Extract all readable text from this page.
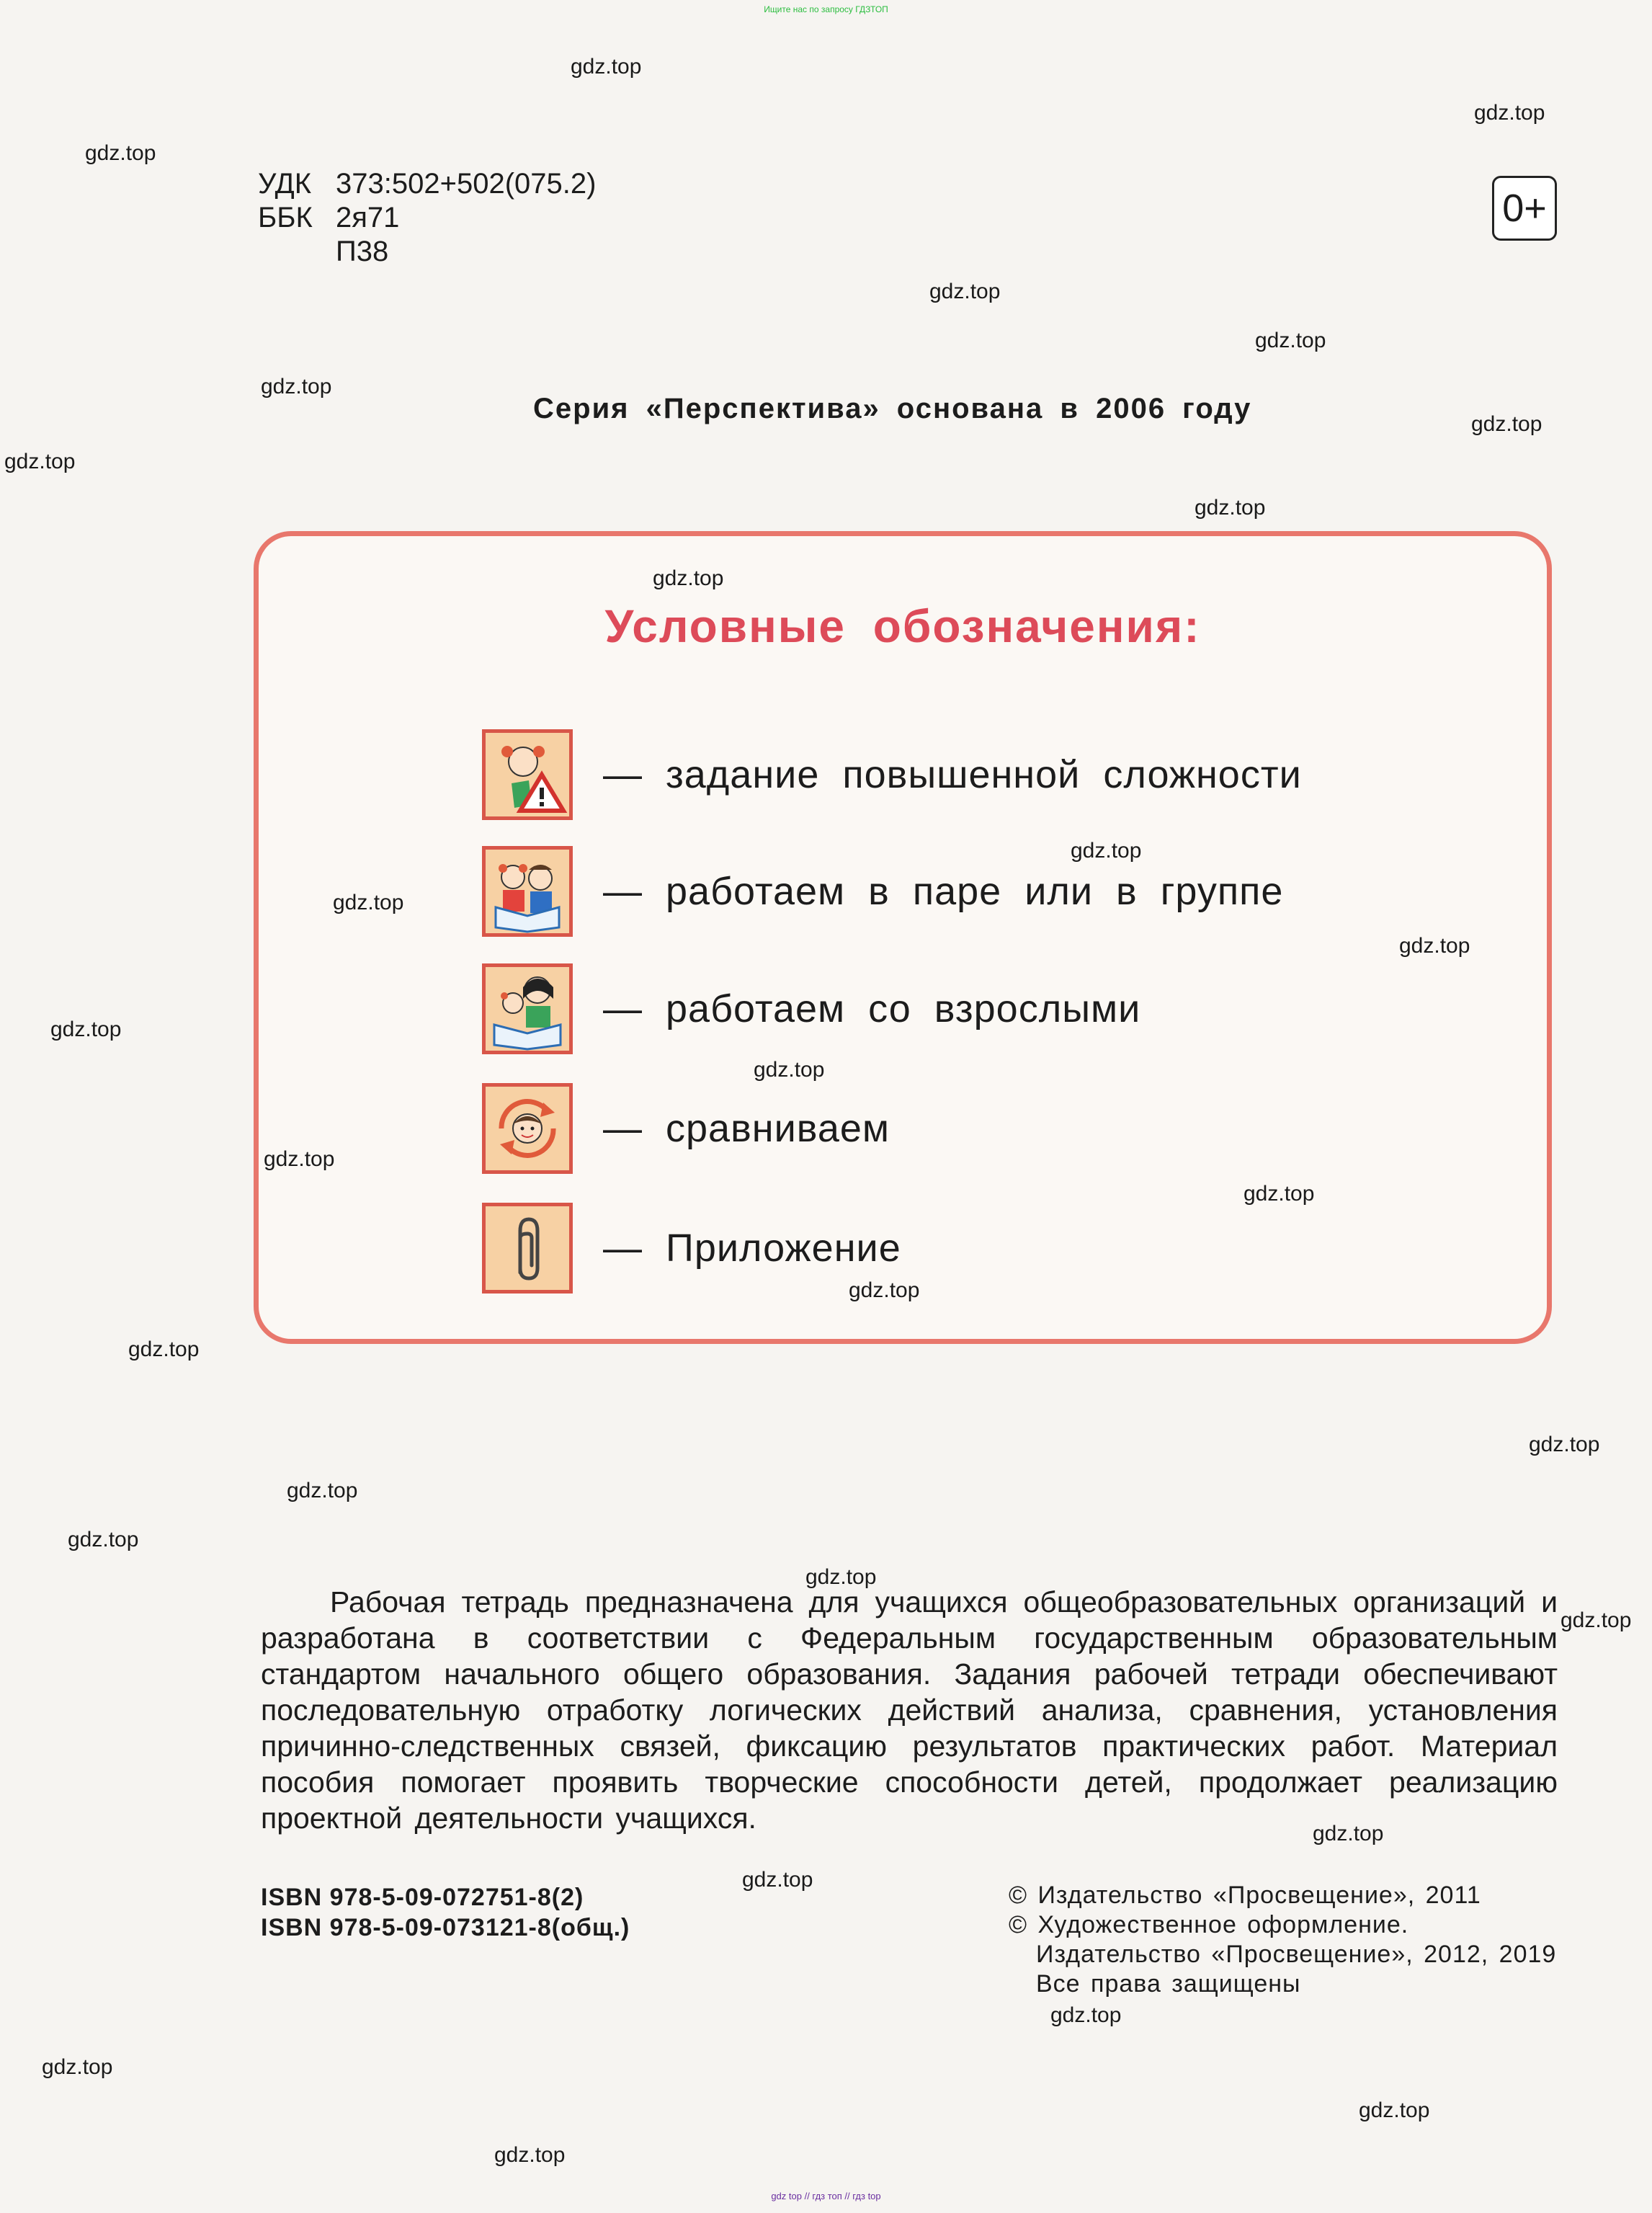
Ищите нас по запросу ГДЗТОП
УДК 373:502+502(075.2)
ББК 2я71
П38
0+
Серия «Перспектива» основана в 2006 году
Условные обозначения:
— задание повышенной сложности
— работаем в паре или в группе
— работаем со взрослыми
— сравниваем
— Приложение

Рабочая тетрадь предназначена для учащихся общеобразовательных организаций и разработана в соответствии с Федеральным государственным образовательным стандартом начального общего образования. Задания рабочей тетради обеспечивают последовательную отработку логических действий анализа, сравнения, установления причинно-следственных связей, фиксацию результатов практических работ. Материал пособия помогает проявить творческие способности детей, продолжает реализацию проектной деятельности учащихся.

ISBN 978-5-09-072751-8(2)
ISBN 978-5-09-073121-8(общ.)
© Издательство «Просвещение», 2011
© Художественное оформление.
Издательство «Просвещение», 2012, 2019
Все права защищены
gdz.top
gdz.top
gdz.top
gdz.top
gdz.top
gdz.top
gdz.top
gdz.top
gdz.top
gdz.top
gdz.top
gdz.top
gdz.top
gdz.top
gdz.top
gdz.top
gdz.top
gdz.top
gdz.top
gdz.top
gdz.top
gdz.top
gdz.top
gdz.top
gdz.top
gdz.top
gdz.top
gdz.top
gdz.top
gdz.top
gdz top // гдз топ // гдз top
